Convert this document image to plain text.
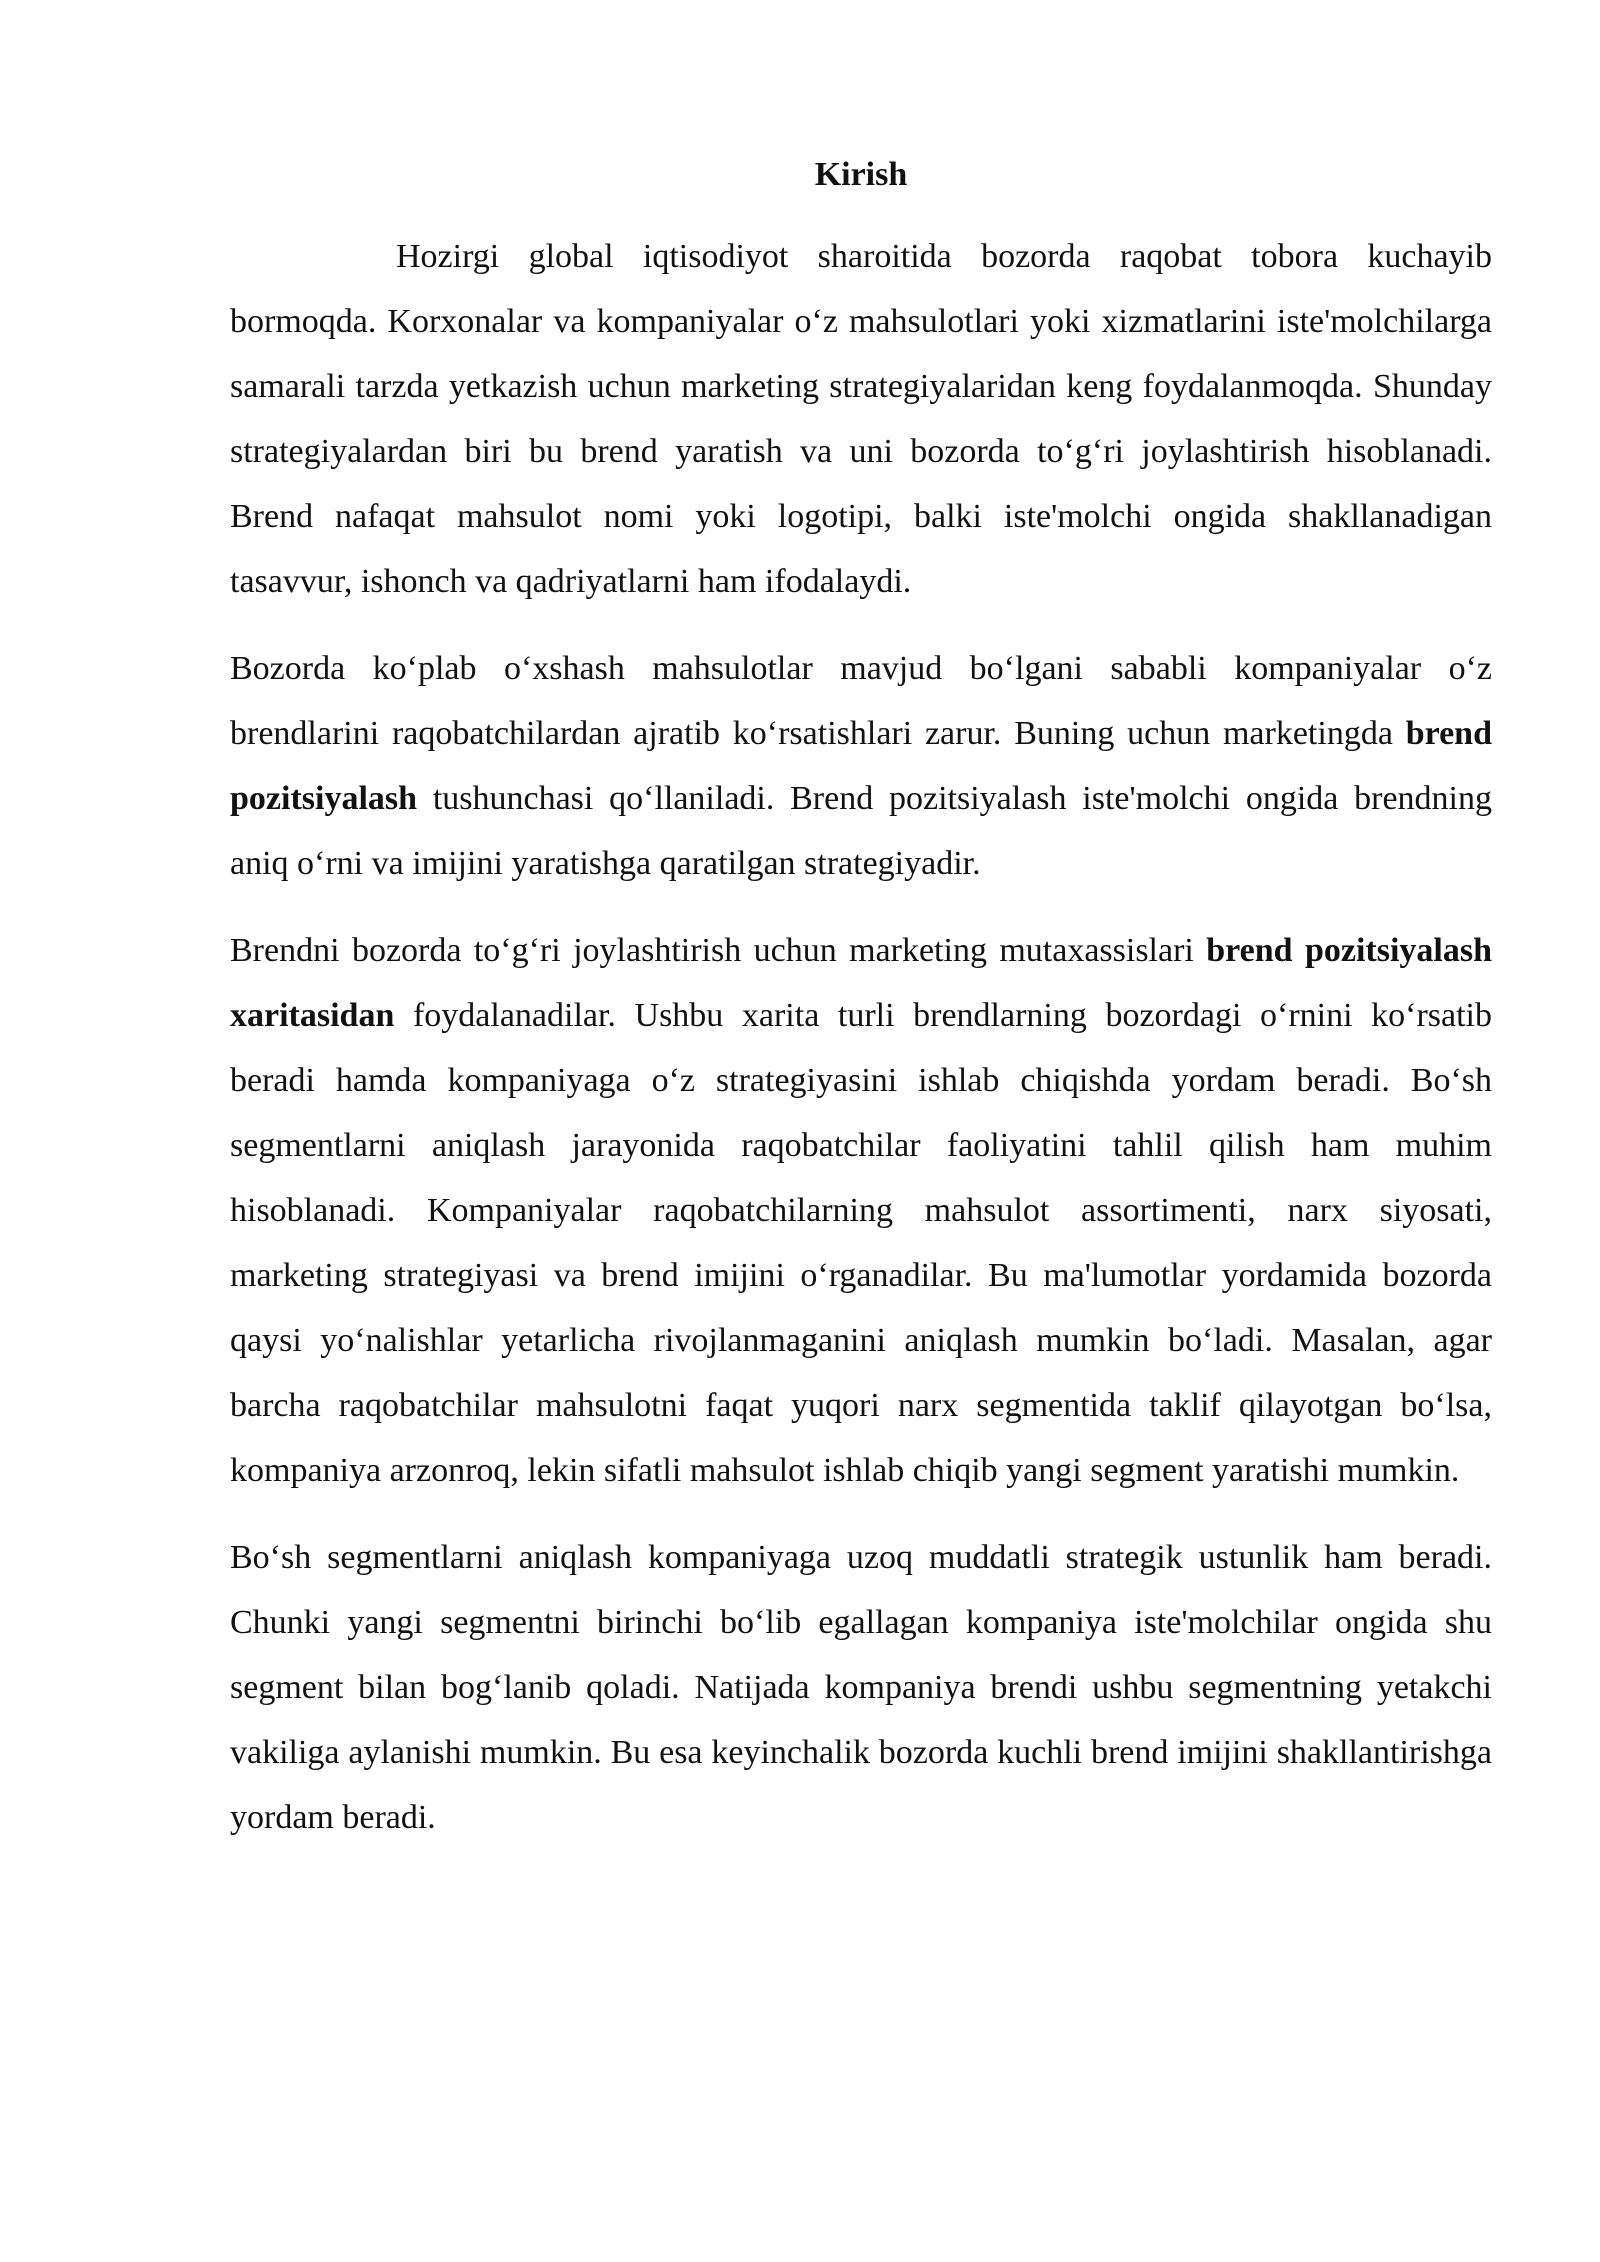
Kirish

Hozirgi global iqtisodiyot sharoitida bozorda raqobat tobora kuchayib bormoqda. Korxonalar va kompaniyalar o‘z mahsulotlari yoki xizmatlarini iste'molchilarga samarali tarzda yetkazish uchun marketing strategiyalaridan keng foydalanmoqda. Shunday strategiyalardan biri bu brend yaratish va uni bozorda to‘g‘ri joylashtirish hisoblanadi. Brend nafaqat mahsulot nomi yoki logotipi, balki iste'molchi ongida shakllanadigan tasavvur, ishonch va qadriyatlarni ham ifodalaydi.

Bozorda ko‘plab o‘xshash mahsulotlar mavjud bo‘lgani sababli kompaniyalar o‘z brendlarini raqobatchilardan ajratib ko‘rsatishlari zarur. Buning uchun marketingda brend pozitsiyalash tushunchasi qo‘llaniladi. Brend pozitsiyalash iste'molchi ongida brendning aniq o‘rni va imijini yaratishga qaratilgan strategiyadir.

Brendni bozorda to‘g‘ri joylashtirish uchun marketing mutaxassislari brend pozitsiyalash xaritasidan foydalanadilar. Ushbu xarita turli brendlarning bozordagi o‘rnini ko‘rsatib beradi hamda kompaniyaga o‘z strategiyasini ishlab chiqishda yordam beradi. Bo‘sh segmentlarni aniqlash jarayonida raqobatchilar faoliyatini tahlil qilish ham muhim hisoblanadi. Kompaniyalar raqobatchilarning mahsulot assortimenti, narx siyosati, marketing strategiyasi va brend imijini o‘rganadilar. Bu ma'lumotlar yordamida bozorda qaysi yo‘nalishlar yetarlicha rivojlanmaganini aniqlash mumkin bo‘ladi. Masalan, agar barcha raqobatchilar mahsulotni faqat yuqori narx segmentida taklif qilayotgan bo‘lsa, kompaniya arzonroq, lekin sifatli mahsulot ishlab chiqib yangi segment yaratishi mumkin.

Bo‘sh segmentlarni aniqlash kompaniyaga uzoq muddatli strategik ustunlik ham beradi. Chunki yangi segmentni birinchi bo‘lib egallagan kompaniya iste'molchilar ongida shu segment bilan bog‘lanib qoladi. Natijada kompaniya brendi ushbu segmentning yetakchi vakiliga aylanishi mumkin. Bu esa keyinchalik bozorda kuchli brend imijini shakllantirishga yordam beradi.
